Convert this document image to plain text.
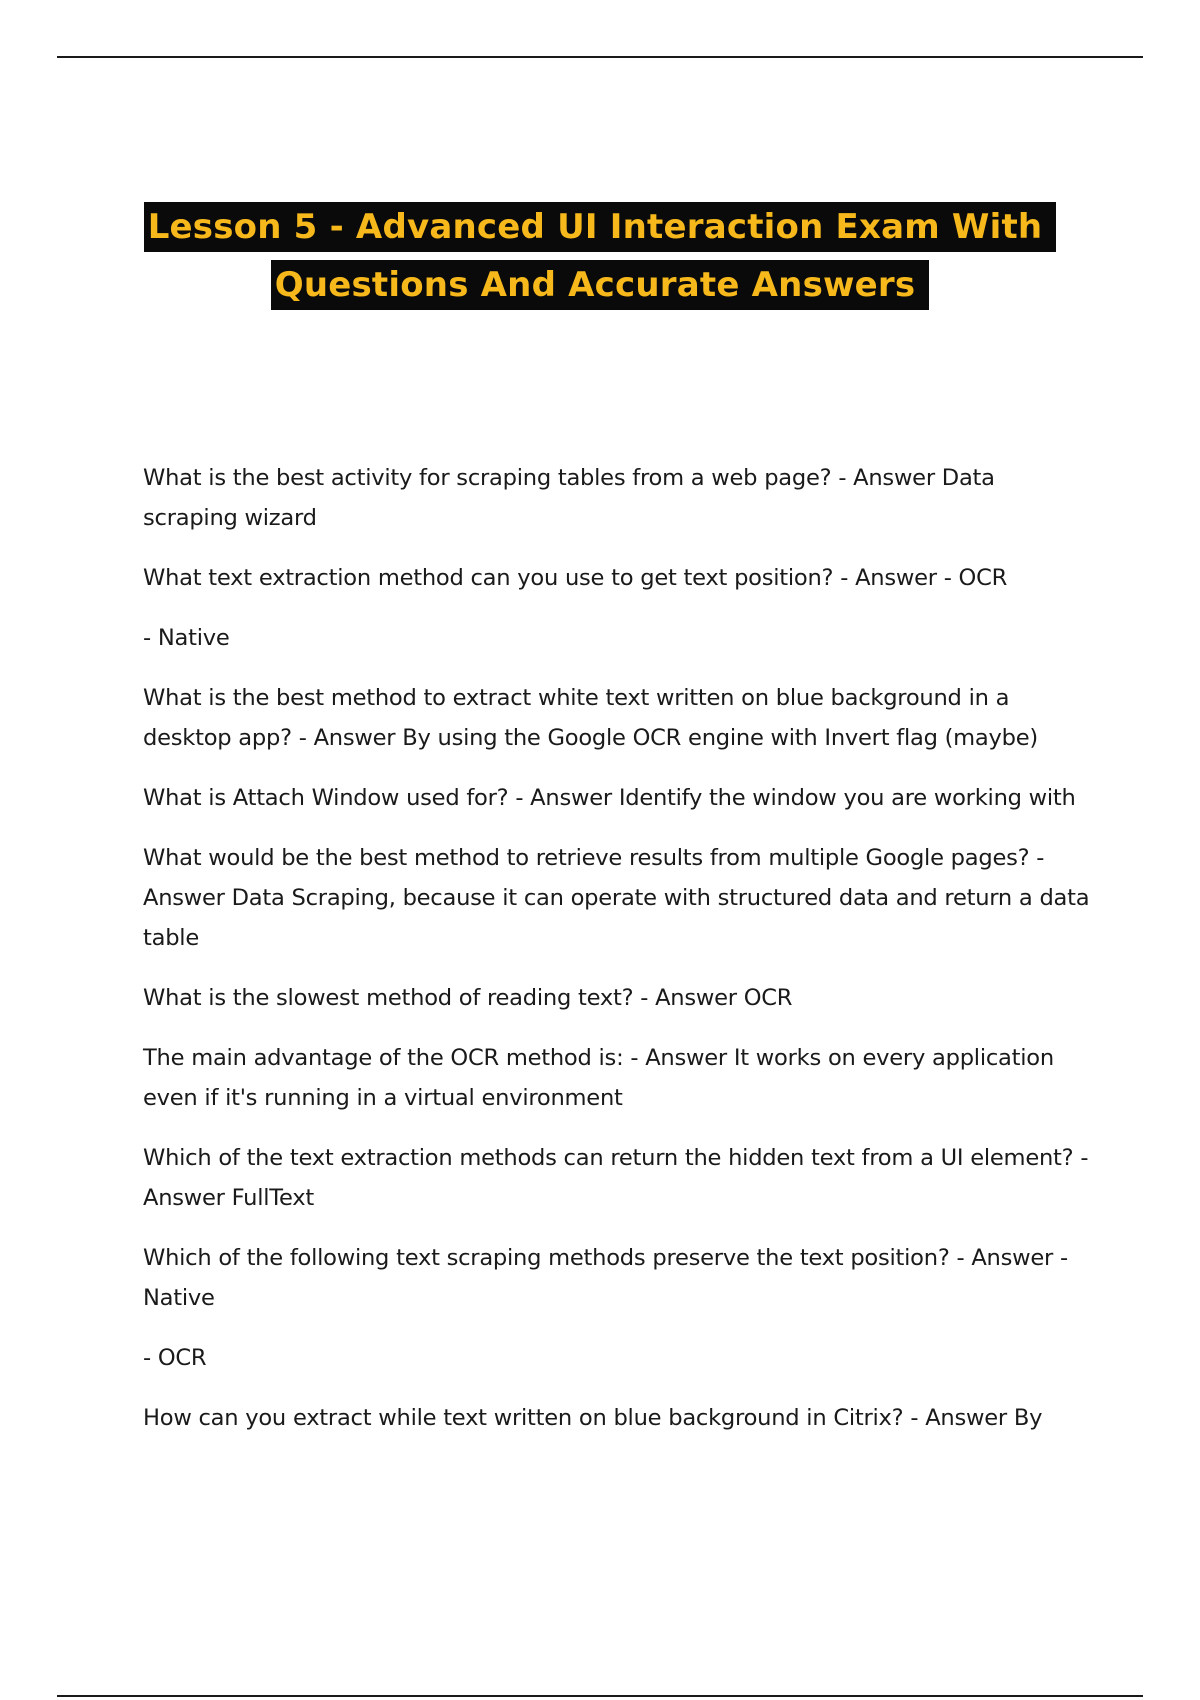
Lesson 5 - Advanced UI Interaction Exam With
Questions And Accurate Answers

What is the best activity for scraping tables from a web page? - Answer Data scraping wizard

What text extraction method can you use to get text position? - Answer - OCR

- Native

What is the best method to extract white text written on blue background in a desktop app? - Answer By using the Google OCR engine with Invert flag (maybe)

What is Attach Window used for? - Answer Identify the window you are working with

What would be the best method to retrieve results from multiple Google pages? - Answer Data Scraping, because it can operate with structured data and return a data table

What is the slowest method of reading text? - Answer OCR

The main advantage of the OCR method is: - Answer It works on every application even if it's running in a virtual environment

Which of the text extraction methods can return the hidden text from a UI element? - Answer FullText

Which of the following text scraping methods preserve the text position? - Answer - Native

- OCR

How can you extract while text written on blue background in Citrix? - Answer By
